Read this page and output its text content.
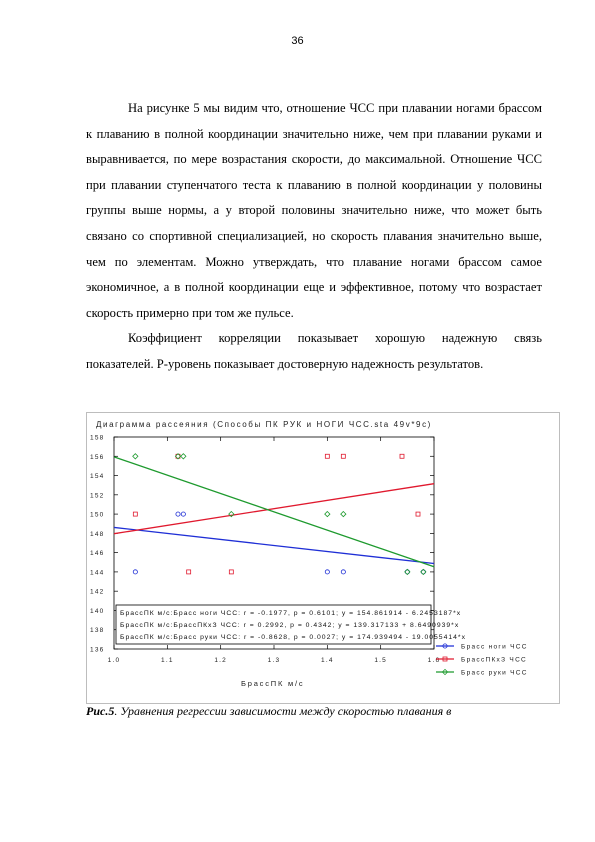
36

На рисунке 5 мы видим что, отношение ЧСС при плавании ногами брассом к плаванию в полной координации значительно ниже, чем при плавании руками и выравнивается, по мере возрастания скорости, до максимальной. Отношение ЧСС при плавании ступенчатого теста к плаванию в полной координации у половины группы выше нормы, а у второй половины значительно ниже, что может быть связано со спортивной специализацией, но скорость плавания значительно выше, чем по элементам. Можно утверждать, что плавание ногами брассом самое экономичное, а в полной координации еще и эффективное, потому что возрастает скорость примерно при том же пульсе.

Коэффициент корреляции показывает хорошую надежную связь показателей. Р-уровень показывает достоверную надежность результатов.

Диаграмма рассеяния (Способы ПК РУК и НОГИ ЧСС.sta 49v*9c)
136
138
140
142
144
146
148
150
152
154
156
158
1.0	1.1	1.2	1.3	1.4	1.5	1.6
БрассПК м/с:Брасс ноги ЧСС: r = -0.1977, p = 0.6101; y = 154.861914 - 6.2453187*x
БрассПК м/с:БрассПКхЗ ЧСС: r = 0.2992, p = 0.4342; y = 139.317133 + 8.6490939*x
БрассПК м/с:Брасс руки ЧСС: r = -0.8628, p = 0.0027; y = 174.939494 - 19.0055414*x
Брасс ноги ЧСС
БрассПКхЗ ЧСС
Брасс руки ЧСС
БрассПК м/с
Рис.5. Уравнения регрессии зависимости между скоростью плавания в
